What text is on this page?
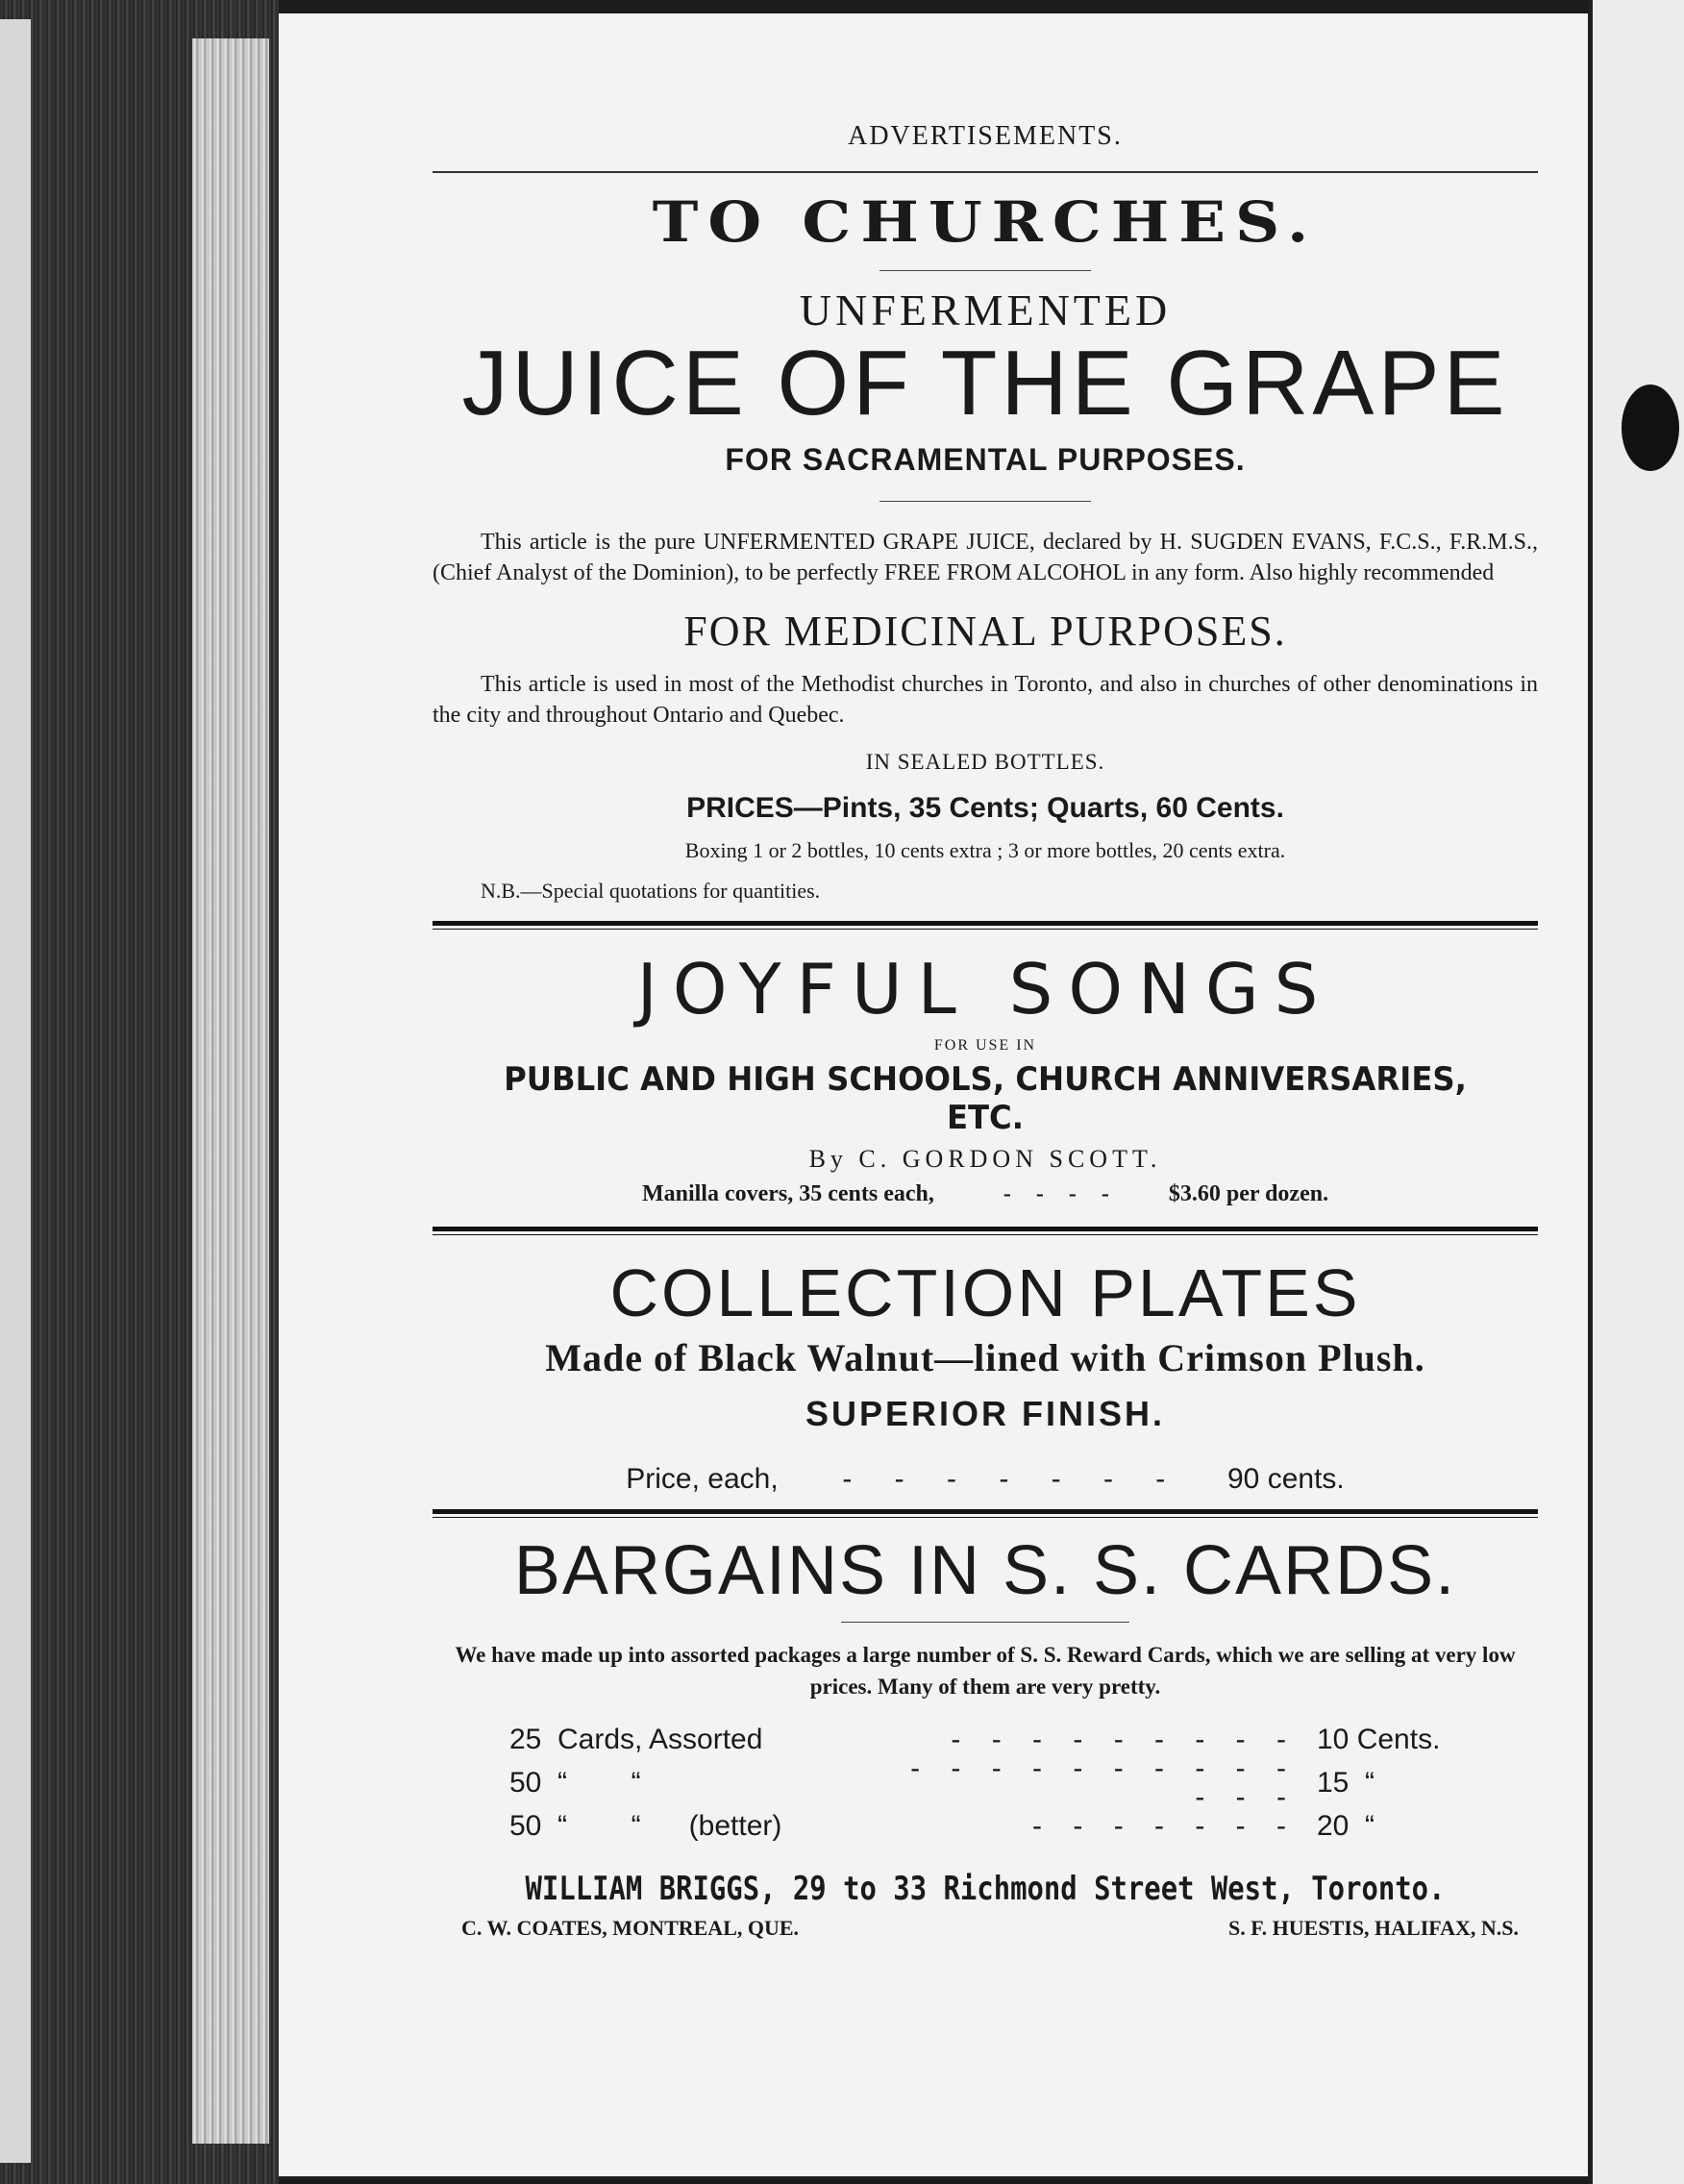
ADVERTISEMENTS.
TO CHURCHES.
UNFERMENTED
JUICE OF THE GRAPE
FOR SACRAMENTAL PURPOSES.

This article is the pure UNFERMENTED GRAPE JUICE, declared by H. SUGDEN EVANS, F.C.S., F.R.M.S., (Chief Analyst of the Dominion), to be perfectly FREE FROM ALCOHOL in any form. Also highly recommended

FOR MEDICINAL PURPOSES.

This article is used in most of the Methodist churches in Toronto, and also in churches of other denominations in the city and throughout Ontario and Quebec.

IN SEALED BOTTLES.
PRICES—Pints, 35 Cents; Quarts, 60 Cents.
Boxing 1 or 2 bottles, 10 cents extra ; 3 or more bottles, 20 cents extra.
N.B.—Special quotations for quantities.
JOYFUL SONGS
FOR USE IN
PUBLIC AND HIGH SCHOOLS, CHURCH ANNIVERSARIES, ETC.
By C. GORDON SCOTT.
Manilla covers, 35 cents each,	- - - - $3.60 per dozen.
COLLECTION PLATES
Made of Black Walnut—lined with Crimson Plush.
SUPERIOR FINISH.
Price, each, - - - - - - - 90 cents.
BARGAINS IN S. S. CARDS.
We have made up into assorted packages a large number of S. S. Reward Cards, which we are selling at very low prices. Many of them are very pretty.
25	Cards, Assorted	- - - - - - - - -	10 Cents.
50	“        “	- - - - - - - - - - - - -	15  “
50	“        “      (better)	- - - - - - -	20  “
WILLIAM BRIGGS, 29 to 33 Richmond Street West, Toronto.
C. W. COATES, MONTREAL, QUE.	S. F. HUESTIS, HALIFAX, N.S.
